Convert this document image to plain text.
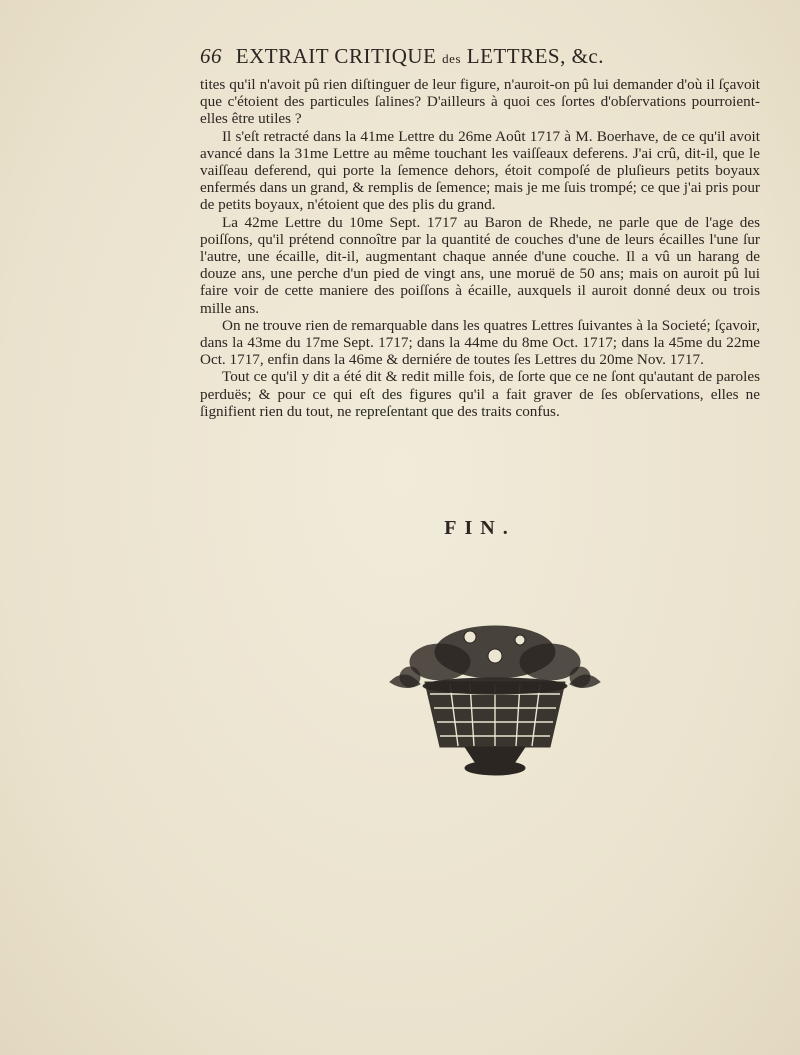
66 EXTRAIT CRITIQUE des LETTRES, &c.

tites qu'il n'avoit pû rien diſtinguer de leur figure, n'auroit-on pû lui demander d'où il ſçavoit que c'étoient des particules ſalines? D'ailleurs à quoi ces ſortes d'obſervations pourroient-elles être utiles ?

Il s'eſt retracté dans la 41me Lettre du 26me Août 1717 à M. Boerhave, de ce qu'il avoit avancé dans la 31me Lettre au même touchant les vaiſſeaux deferens. J'ai crû, dit-il, que le vaiſſeau deferend, qui porte la ſemence dehors, étoit compoſé de pluſieurs petits boyaux enfermés dans un grand, & remplis de ſemence; mais je me ſuis trompé; ce que j'ai pris pour de petits boyaux, n'étoient que des plis du grand.

La 42me Lettre du 10me Sept. 1717 au Baron de Rhede, ne parle que de l'age des poiſſons, qu'il prétend connoître par la quantité de couches d'une de leurs écailles l'une ſur l'autre, une écaille, dit-il, augmentant chaque année d'une couche. Il a vû un harang de douze ans, une perche d'un pied de vingt ans, une moruë de 50 ans; mais on auroit pû lui faire voir de cette maniere des poiſſons à écaille, auxquels il auroit donné deux ou trois mille ans.

On ne trouve rien de remarquable dans les quatres Lettres ſuivantes à la Societé; ſçavoir, dans la 43me du 17me Sept. 1717; dans la 44me du 8me Oct. 1717; dans la 45me du 22me Oct. 1717, enfin dans la 46me & derniére de toutes ſes Lettres du 20me Nov. 1717.

Tout ce qu'il y dit a été dit & redit mille fois, de ſorte que ce ne ſont qu'autant de paroles perduës; & pour ce qui eſt des figures qu'il a fait graver de ſes obſervations, elles ne ſignifient rien du tout, ne repreſentant que des traits confus.

FIN.
